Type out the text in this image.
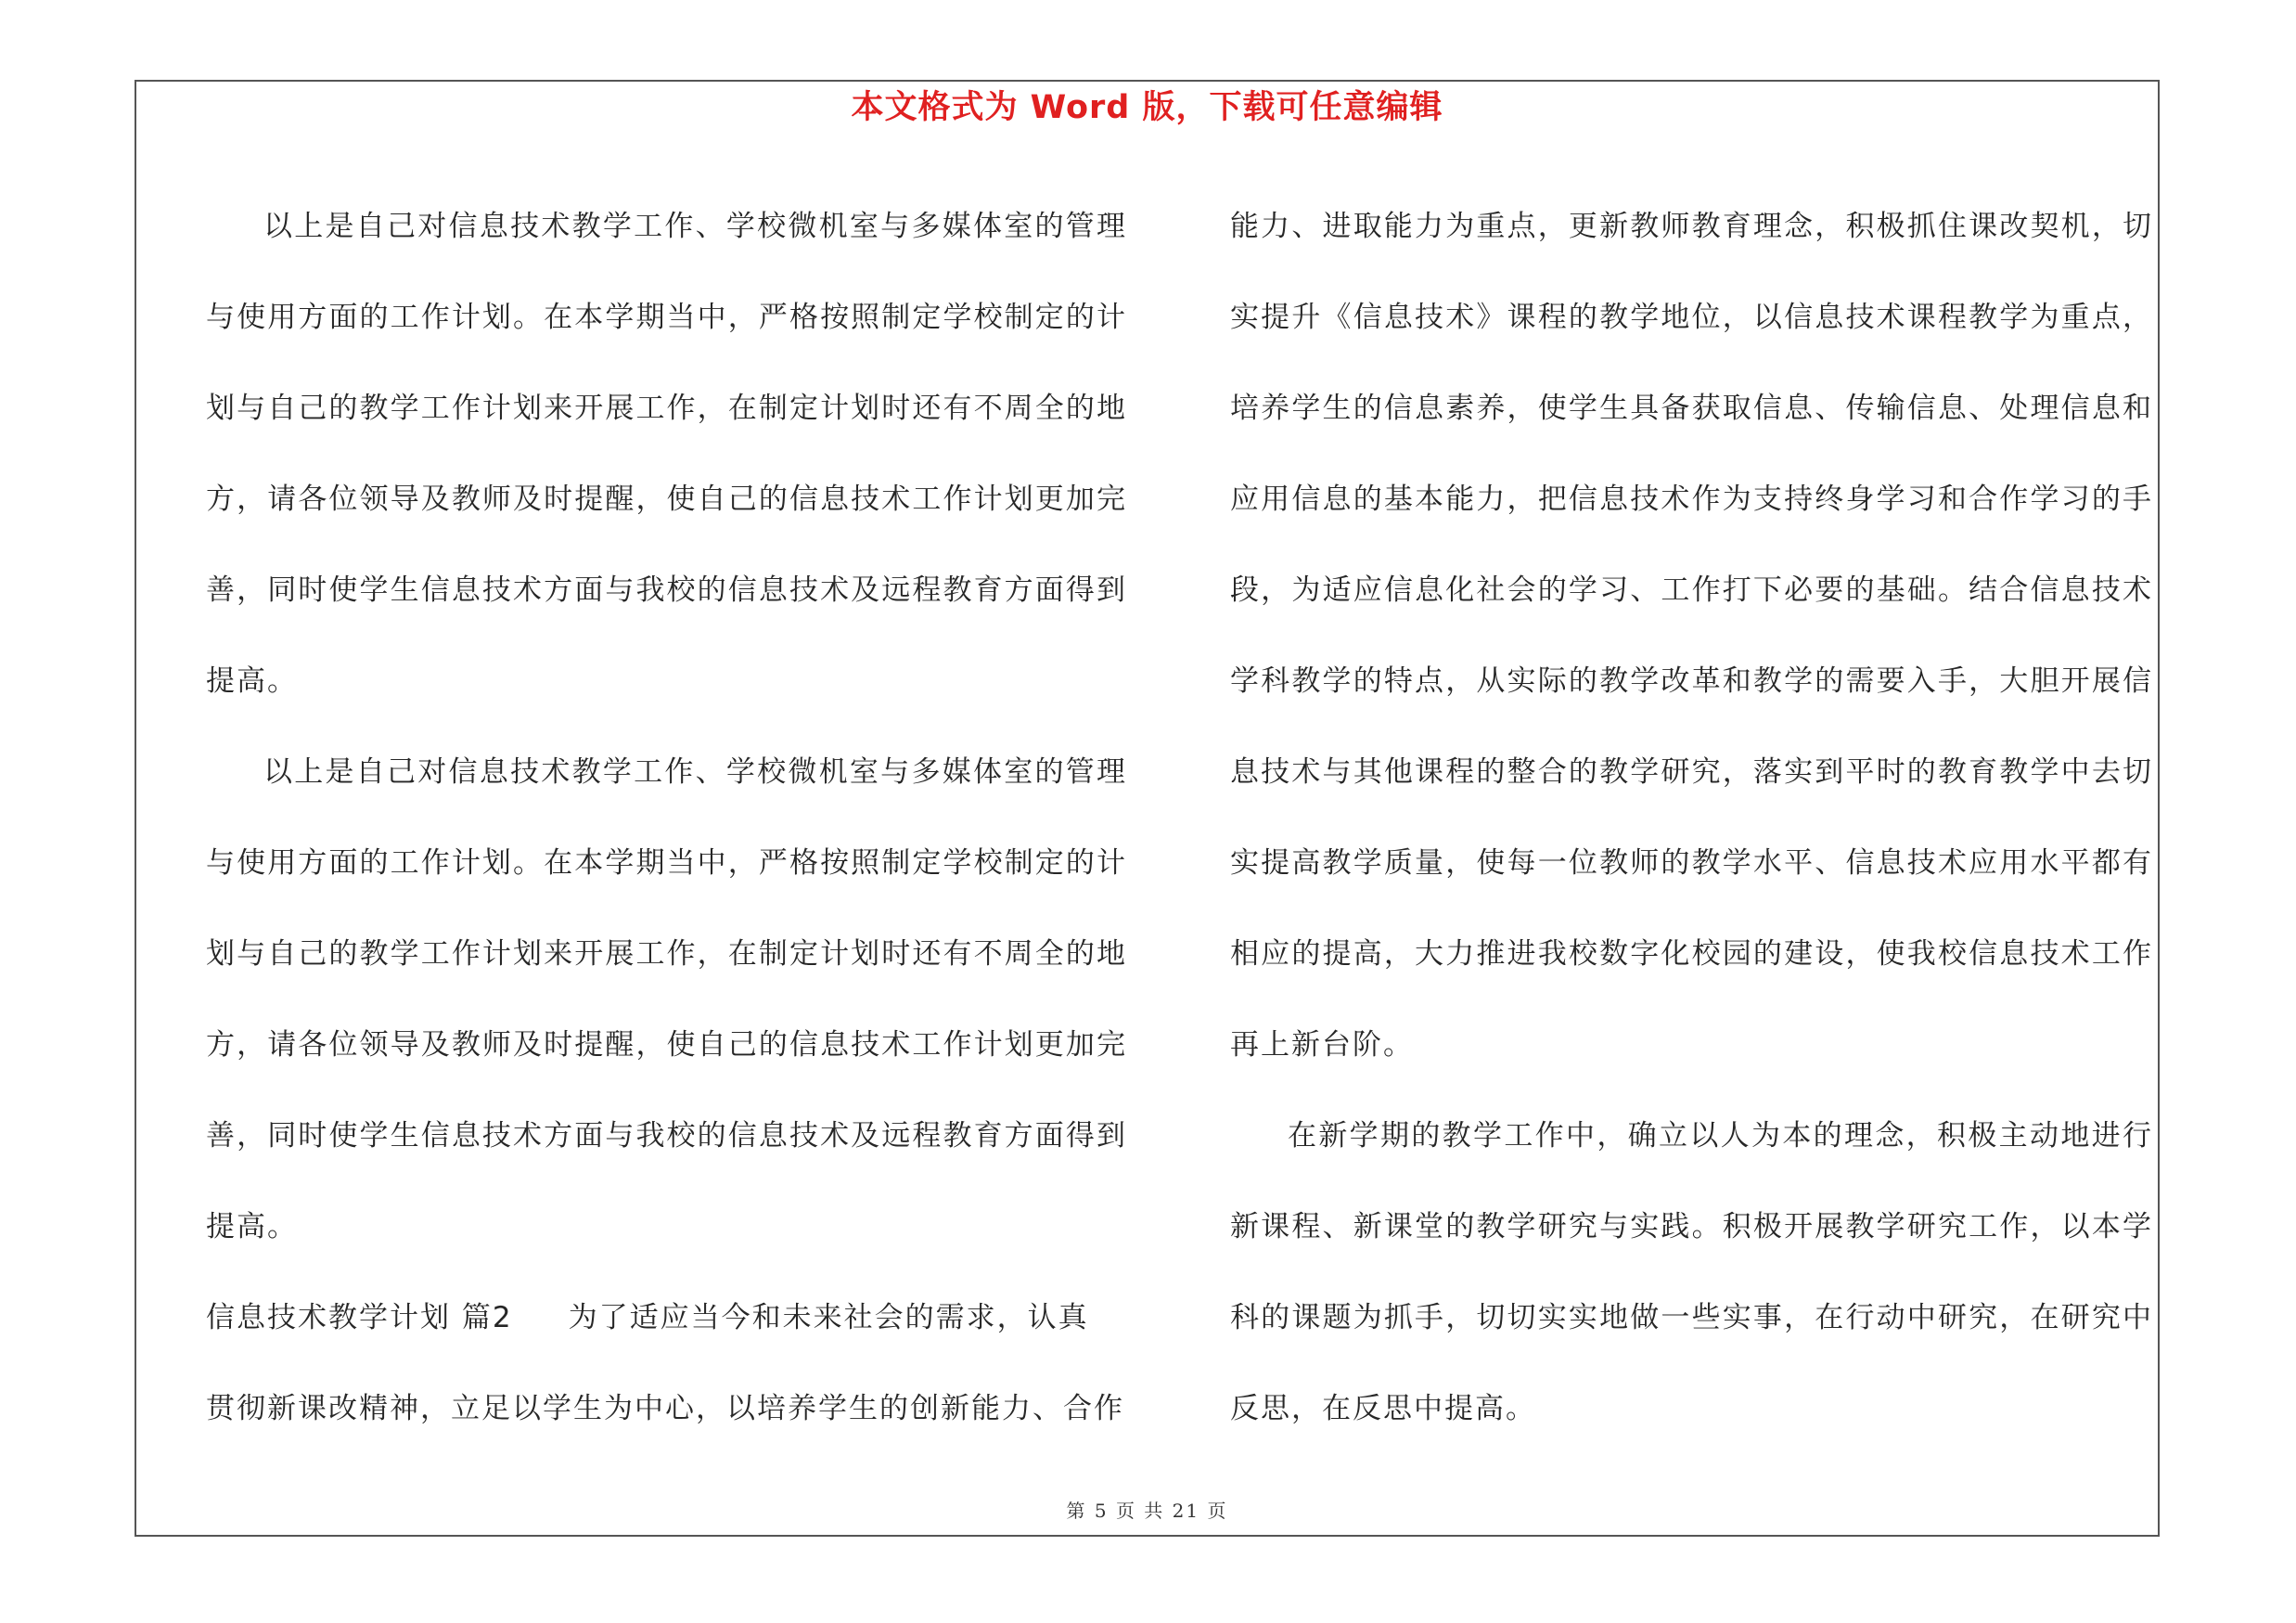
本文格式为 Word 版，下载可任意编辑

以上是自己对信息技术教学工作、学校微机室与多媒体室的管理与使用方面的工作计划。在本学期当中，严格按照制定学校制定的计划与自己的教学工作计划来开展工作，在制定计划时还有不周全的地方，请各位领导及教师及时提醒，使自己的信息技术工作计划更加完善，同时使学生信息技术方面与我校的信息技术及远程教育方面得到提高。

以上是自己对信息技术教学工作、学校微机室与多媒体室的管理与使用方面的工作计划。在本学期当中，严格按照制定学校制定的计划与自己的教学工作计划来开展工作，在制定计划时还有不周全的地方，请各位领导及教师及时提醒，使自己的信息技术工作计划更加完善，同时使学生信息技术方面与我校的信息技术及远程教育方面得到提高。

信息技术教学计划 篇2 为了适应当今和未来社会的需求，认真

贯彻新课改精神，立足以学生为中心，以培养学生的创新能力、合作

能力、进取能力为重点，更新教师教育理念，积极抓住课改契机，切实提升《信息技术》课程的教学地位，以信息技术课程教学为重点，培养学生的信息素养，使学生具备获取信息、传输信息、处理信息和应用信息的基本能力，把信息技术作为支持终身学习和合作学习的手段，为适应信息化社会的学习、工作打下必要的基础。结合信息技术学科教学的特点，从实际的教学改革和教学的需要入手，大胆开展信息技术与其他课程的整合的教学研究，落实到平时的教育教学中去切实提高教学质量，使每一位教师的教学水平、信息技术应用水平都有相应的提高，大力推进我校数字化校园的建设，使我校信息技术工作再上新台阶。

在新学期的教学工作中，确立以人为本的理念，积极主动地进行新课程、新课堂的教学研究与实践。积极开展教学研究工作，以本学科的课题为抓手，切切实实地做一些实事，在行动中研究，在研究中反思，在反思中提高。

第 5 页 共 21 页
